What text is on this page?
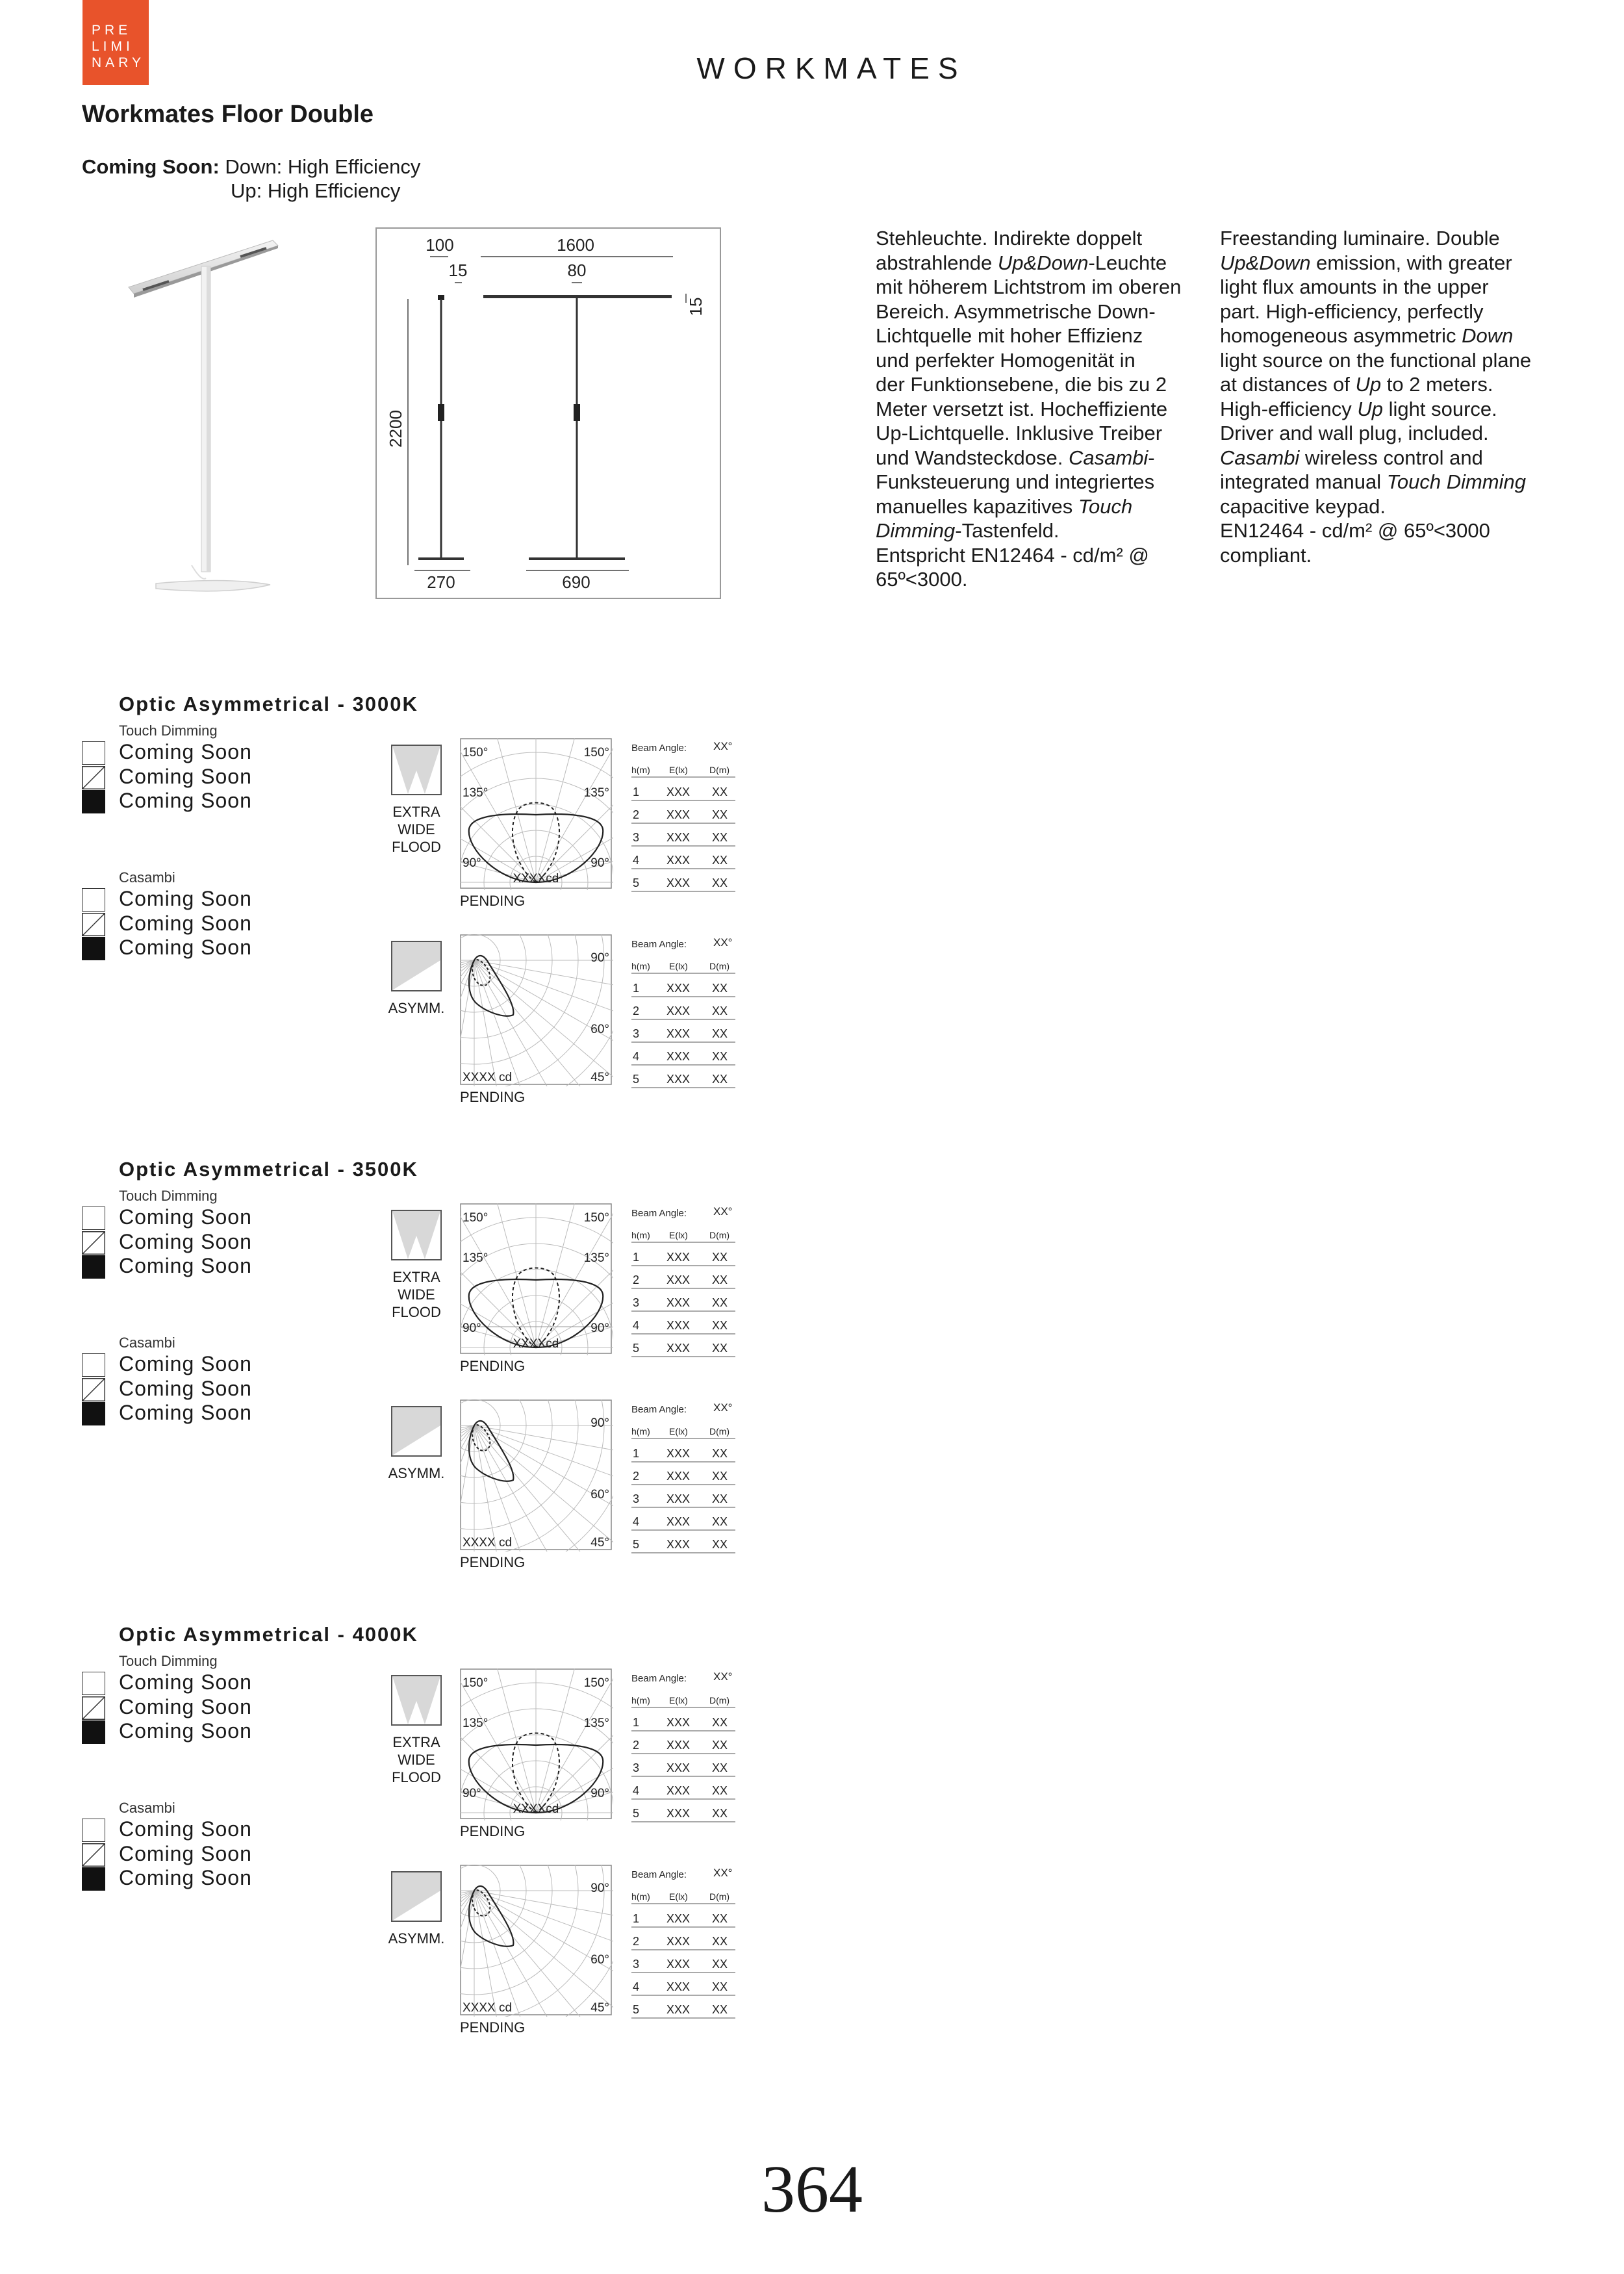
PRE
LIMI
NARY	WORKMATES
Workmates Floor Double
Coming Soon: Down: High Efficiency
Up: High Efficiency
100	1600
15	80
15
2200
270	690
Stehleuchte. Indirekte doppelt
abstrahlende Up&Down-Leuchte
mit höherem Lichtstrom im oberen
Bereich. Asymmetrische Down-
Lichtquelle mit hoher Effizienz
und perfekter Homogenität in
der Funktionsebene, die bis zu 2
Meter versetzt ist. Hocheffiziente
Up-Lichtquelle. Inklusive Treiber
und Wandsteckdose. Casambi-
Funksteuerung und integriertes
manuelles kapazitives Touch
Dimming-Tastenfeld.
Entspricht EN12464 - cd/m² @
65º<3000.
Freestanding luminaire. Double
Up&Down emission, with greater
light flux amounts in the upper
part. High-efficiency, perfectly
homogeneous asymmetric Down
light source on the functional plane
at distances of Up to 2 meters.
High-efficiency Up light source.
Driver and wall plug, included.
Casambi wireless control and
integrated manual Touch Dimming
capacitive keypad.
EN12464 - cd/m² @ 65º<3000
compliant.
Optic Asymmetrical - 3000K
Touch Dimming
Coming Soon
Coming Soon
Coming Soon
Casambi
Coming Soon
Coming Soon
Coming Soon
EXTRA
WIDE
FLOOD
150°	150°
135°	135°
90°	90°
XXXXcd
PENDING
Beam Angle: XX°
h(m) E(lx) D(m)
1 XXX XX
2 XXX XX
3 XXX XX
4 XXX XX
5 XXX XX
ASYMM.
90°
60°
45°
XXXX cd
PENDING
Beam Angle: XX°
h(m) E(lx) D(m)
1 XXX XX
2 XXX XX
3 XXX XX
4 XXX XX
5 XXX XX
Optic Asymmetrical - 3500K
Touch Dimming
Coming Soon
Coming Soon
Coming Soon
Casambi
Coming Soon
Coming Soon
Coming Soon
EXTRA
WIDE
FLOOD
150°	150°
135°	135°
90°	90°
XXXXcd
PENDING
Beam Angle: XX°
h(m) E(lx) D(m)
1 XXX XX
2 XXX XX
3 XXX XX
4 XXX XX
5 XXX XX
ASYMM.
90°
60°
45°
XXXX cd
PENDING
Beam Angle: XX°
h(m) E(lx) D(m)
1 XXX XX
2 XXX XX
3 XXX XX
4 XXX XX
5 XXX XX
Optic Asymmetrical - 4000K
Touch Dimming
Coming Soon
Coming Soon
Coming Soon
Casambi
Coming Soon
Coming Soon
Coming Soon
EXTRA
WIDE
FLOOD
150°	150°
135°	135°
90°	90°
XXXXcd
PENDING
Beam Angle: XX°
h(m) E(lx) D(m)
1 XXX XX
2 XXX XX
3 XXX XX
4 XXX XX
5 XXX XX
ASYMM.
90°
60°
45°
XXXX cd
PENDING
Beam Angle: XX°
h(m) E(lx) D(m)
1 XXX XX
2 XXX XX
3 XXX XX
4 XXX XX
5 XXX XX
364
